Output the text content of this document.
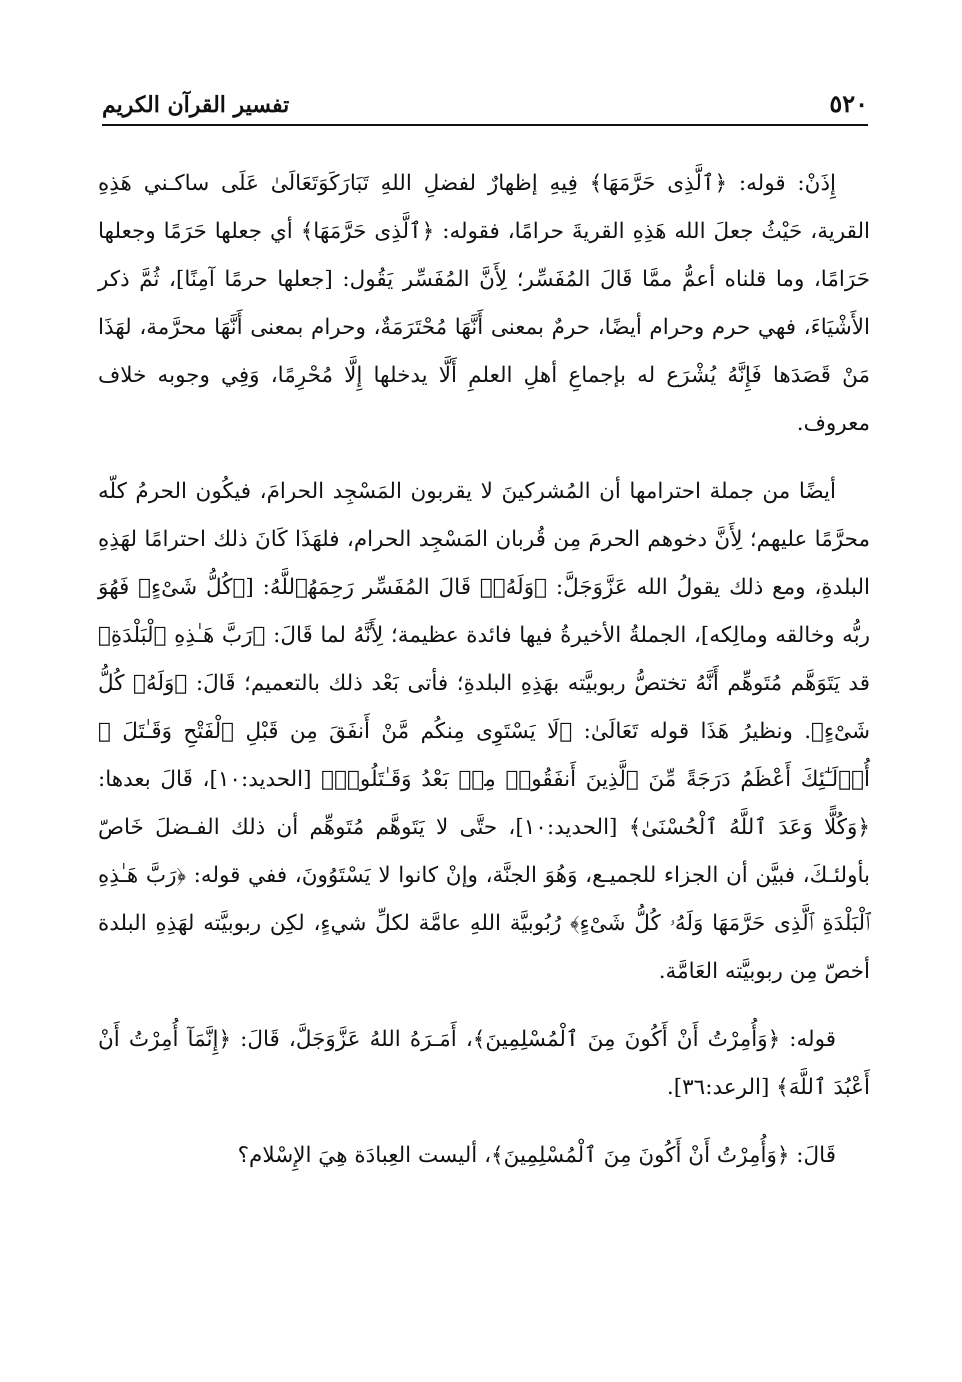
٥٢٠
تفسير القرآن الكريم

إِذَنْ: قوله: ﴿ٱلَّذِى حَرَّمَهَا﴾ فِيهِ إظهارٌ لفضلِ اللهِ تَبَارَكَوَتَعَالَىٰ عَلَى ساكـني هَذِهِ القرية، حَيْثُ جعلَ الله هَذِهِ القريةَ حرامًا، فقوله: ﴿ٱلَّذِى حَرَّمَهَا﴾ أي جعلها حَرَمًا وجعلها حَرَامًا، وما قلناه أعمُّ ممَّا قَالَ المُفَسِّر؛ لِأَنَّ المُفَسِّر يَقُول: [جعلها حرمًا آمِنًا]، ثُمَّ ذكر الأَشْيَاءَ، فهي حرم وحرام أيضًا، حرمٌ بمعنى أَنَّهَا مُحْتَرَمَةٌ، وحرام بمعنى أَنَّهَا محرَّمة، لهَذَا مَنْ قَصَدَها فَإِنَّهُ يُشْرَع له بإجماعِ أهلِ العلمِ أَلَّا يدخلها إِلَّا مُحْرِمًا، وَفِي وجوبه خلاف معروف.

أيضًا من جملة احترامها أن المُشركينَ لا يقربون المَسْجِد الحرامَ، فيكُون الحرمُ كلّه محرَّمًا عليهم؛ لِأَنَّ دخوهم الحرمَ مِن قُربان المَسْجِد الحرام، فلهَذَا كَانَ ذلك احترامًا لهَذِهِ البلدةِ، ومع ذلك يقولُ الله عَزَّوَجَلَّ: ﴿وَلَهُۥ﴾ قَالَ المُفَسِّر رَحِمَهُٱللَّهُ: [﴿كُلُّ شَىْءٍ﴾ فَهُوَ ربُّه وخالقه ومالِكه]، الجملةُ الأخيرةُ فيها فائدة عظيمة؛ لِأَنَّهُ لما قَالَ: ﴿رَبَّ هَـٰذِهِ ٱلْبَلْدَةِ﴾ قد يَتَوَهَّم مُتَوهِّم أَنَّهُ تختصُّ ربوبيَّته بهَذِهِ البلدةِ؛ فأتى بَعْد ذلك بالتعميم؛ قَالَ: ﴿وَلَهُۥ كُلُّ شَىْءٍ﴾. ونظيرُ هَذَا قوله تَعَالَىٰ: ﴿لَا يَسْتَوِى مِنكُم مَّنْ أَنفَقَ مِن قَبْلِ ٱلْفَتْحِ وَقَـٰتَلَ ۚ أُو۟لَـٰٓئِكَ أَعْظَمُ دَرَجَةً مِّنَ ٱلَّذِينَ أَنفَقُوا۟ مِنۢ بَعْدُ وَقَـٰتَلُوا۟﴾ [الحديد:١٠]، قَالَ بعدها: ﴿وَكُلًّا وَعَدَ ٱللَّهُ ٱلْحُسْنَىٰ﴾ [الحديد:١٠]، حتَّى لا يَتَوهَّم مُتَوهِّم أن ذلك الفـضلَ خَاصّ بأولئـكَ، فبيَّن أن الجزاء للجميـع، وَهُوَ الجنَّة، وإنْ كانوا لا يَسْتَوُونَ، ففي قوله: ﴿رَبَّ هَـٰذِهِ ٱلْبَلْدَةِ ٱلَّذِى حَرَّمَهَا وَلَهُۥ كُلُّ شَىْءٍ﴾ رُبُوبيَّة اللهِ عامَّة لكلِّ شيءٍ، لكِن ربوبيَّته لهَذِهِ البلدة أخصّ مِن ربوبيَّته العَامَّة.

قوله: ﴿وَأُمِرْتُ أَنْ أَكُونَ مِنَ ٱلْمُسْلِمِينَ﴾، أَمَـرَهُ اللهُ عَزَّوَجَلَّ، قَالَ: ﴿إِنَّمَآ أُمِرْتُ أَنْ أَعْبُدَ ٱللَّهَ﴾ [الرعد:٣٦].

قَالَ: ﴿وَأُمِرْتُ أَنْ أَكُونَ مِنَ ٱلْمُسْلِمِينَ﴾، أليست العِبادَة هِيَ الإِسْلام؟
